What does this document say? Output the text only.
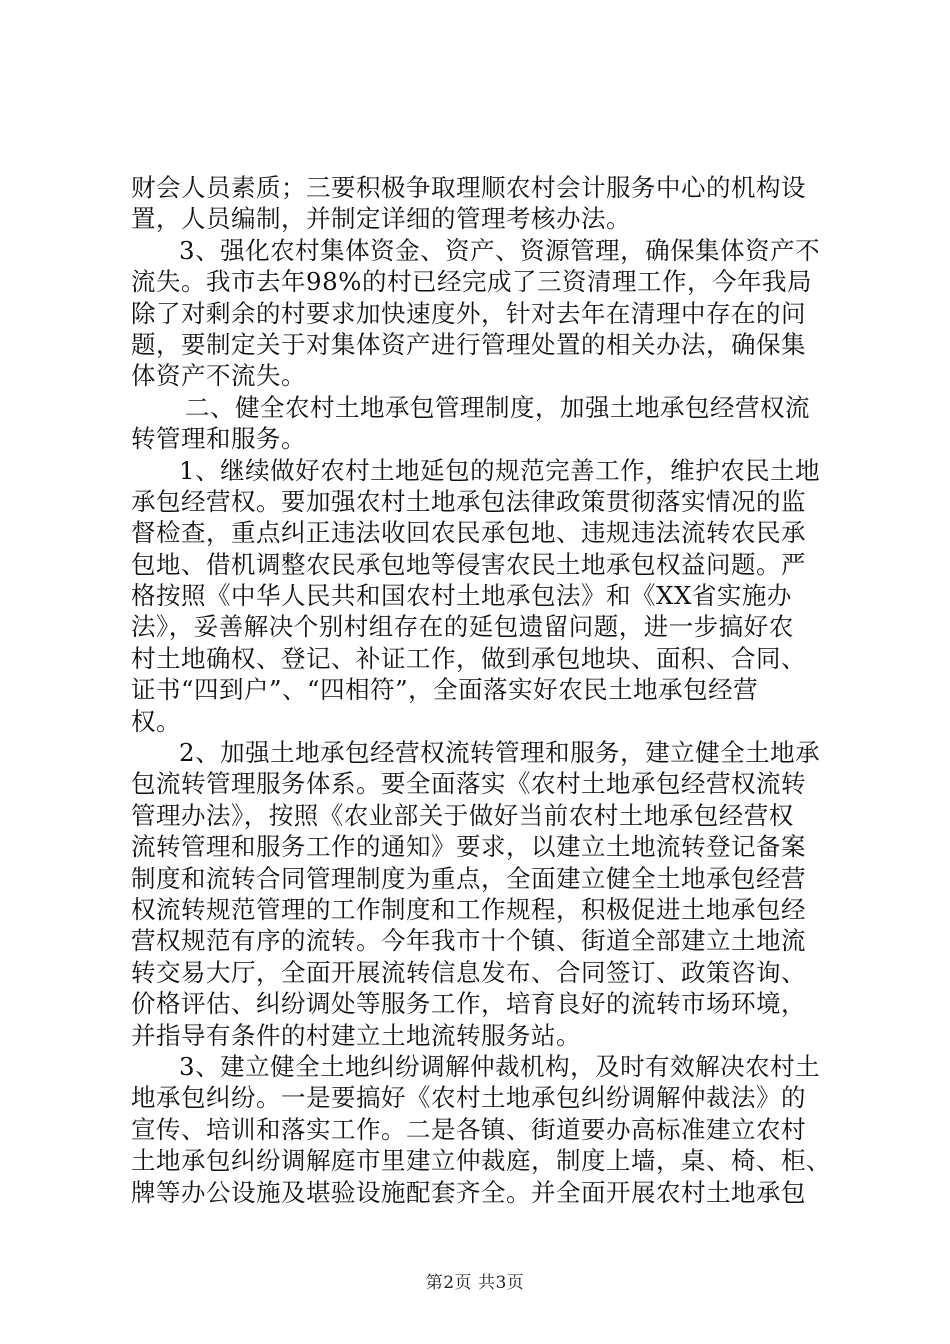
财会人员素质；三要积极争取理顺农村会计服务中心的机构设
置，人员编制，并制定详细的管理考核办法。
3、强化农村集体资金、资产、资源管理，确保集体资产不
流失。我市去年98%的村已经完成了三资清理工作，今年我局
除了对剩余的村要求加快速度外，针对去年在清理中存在的问
题，要制定关于对集体资产进行管理处置的相关办法，确保集
体资产不流失。
二、健全农村土地承包管理制度，加强土地承包经营权流
转管理和服务。
1、继续做好农村土地延包的规范完善工作，维护农民土地
承包经营权。要加强农村土地承包法律政策贯彻落实情况的监
督检查，重点纠正违法收回农民承包地、违规违法流转农民承
包地、借机调整农民承包地等侵害农民土地承包权益问题。严
格按照《中华人民共和国农村土地承包法》和《XX省实施办
法》，妥善解决个别村组存在的延包遗留问题，进一步搞好农
村土地确权、登记、补证工作，做到承包地块、面积、合同、
证书“四到户”、“四相符”，全面落实好农民土地承包经营
权。
2、加强土地承包经营权流转管理和服务，建立健全土地承
包流转管理服务体系。要全面落实《农村土地承包经营权流转
管理办法》，按照《农业部关于做好当前农村土地承包经营权
流转管理和服务工作的通知》要求，以建立土地流转登记备案
制度和流转合同管理制度为重点，全面建立健全土地承包经营
权流转规范管理的工作制度和工作规程，积极促进土地承包经
营权规范有序的流转。今年我市十个镇、街道全部建立土地流
转交易大厅，全面开展流转信息发布、合同签订、政策咨询、
价格评估、纠纷调处等服务工作，培育良好的流转市场环境，
并指导有条件的村建立土地流转服务站。
3、建立健全土地纠纷调解仲裁机构，及时有效解决农村土
地承包纠纷。一是要搞好《农村土地承包纠纷调解仲裁法》的
宣传、培训和落实工作。二是各镇、街道要办高标准建立农村
土地承包纠纷调解庭市里建立仲裁庭，制度上墙，桌、椅、柜、
牌等办公设施及堪验设施配套齐全。并全面开展农村土地承包
第2页 共3页
